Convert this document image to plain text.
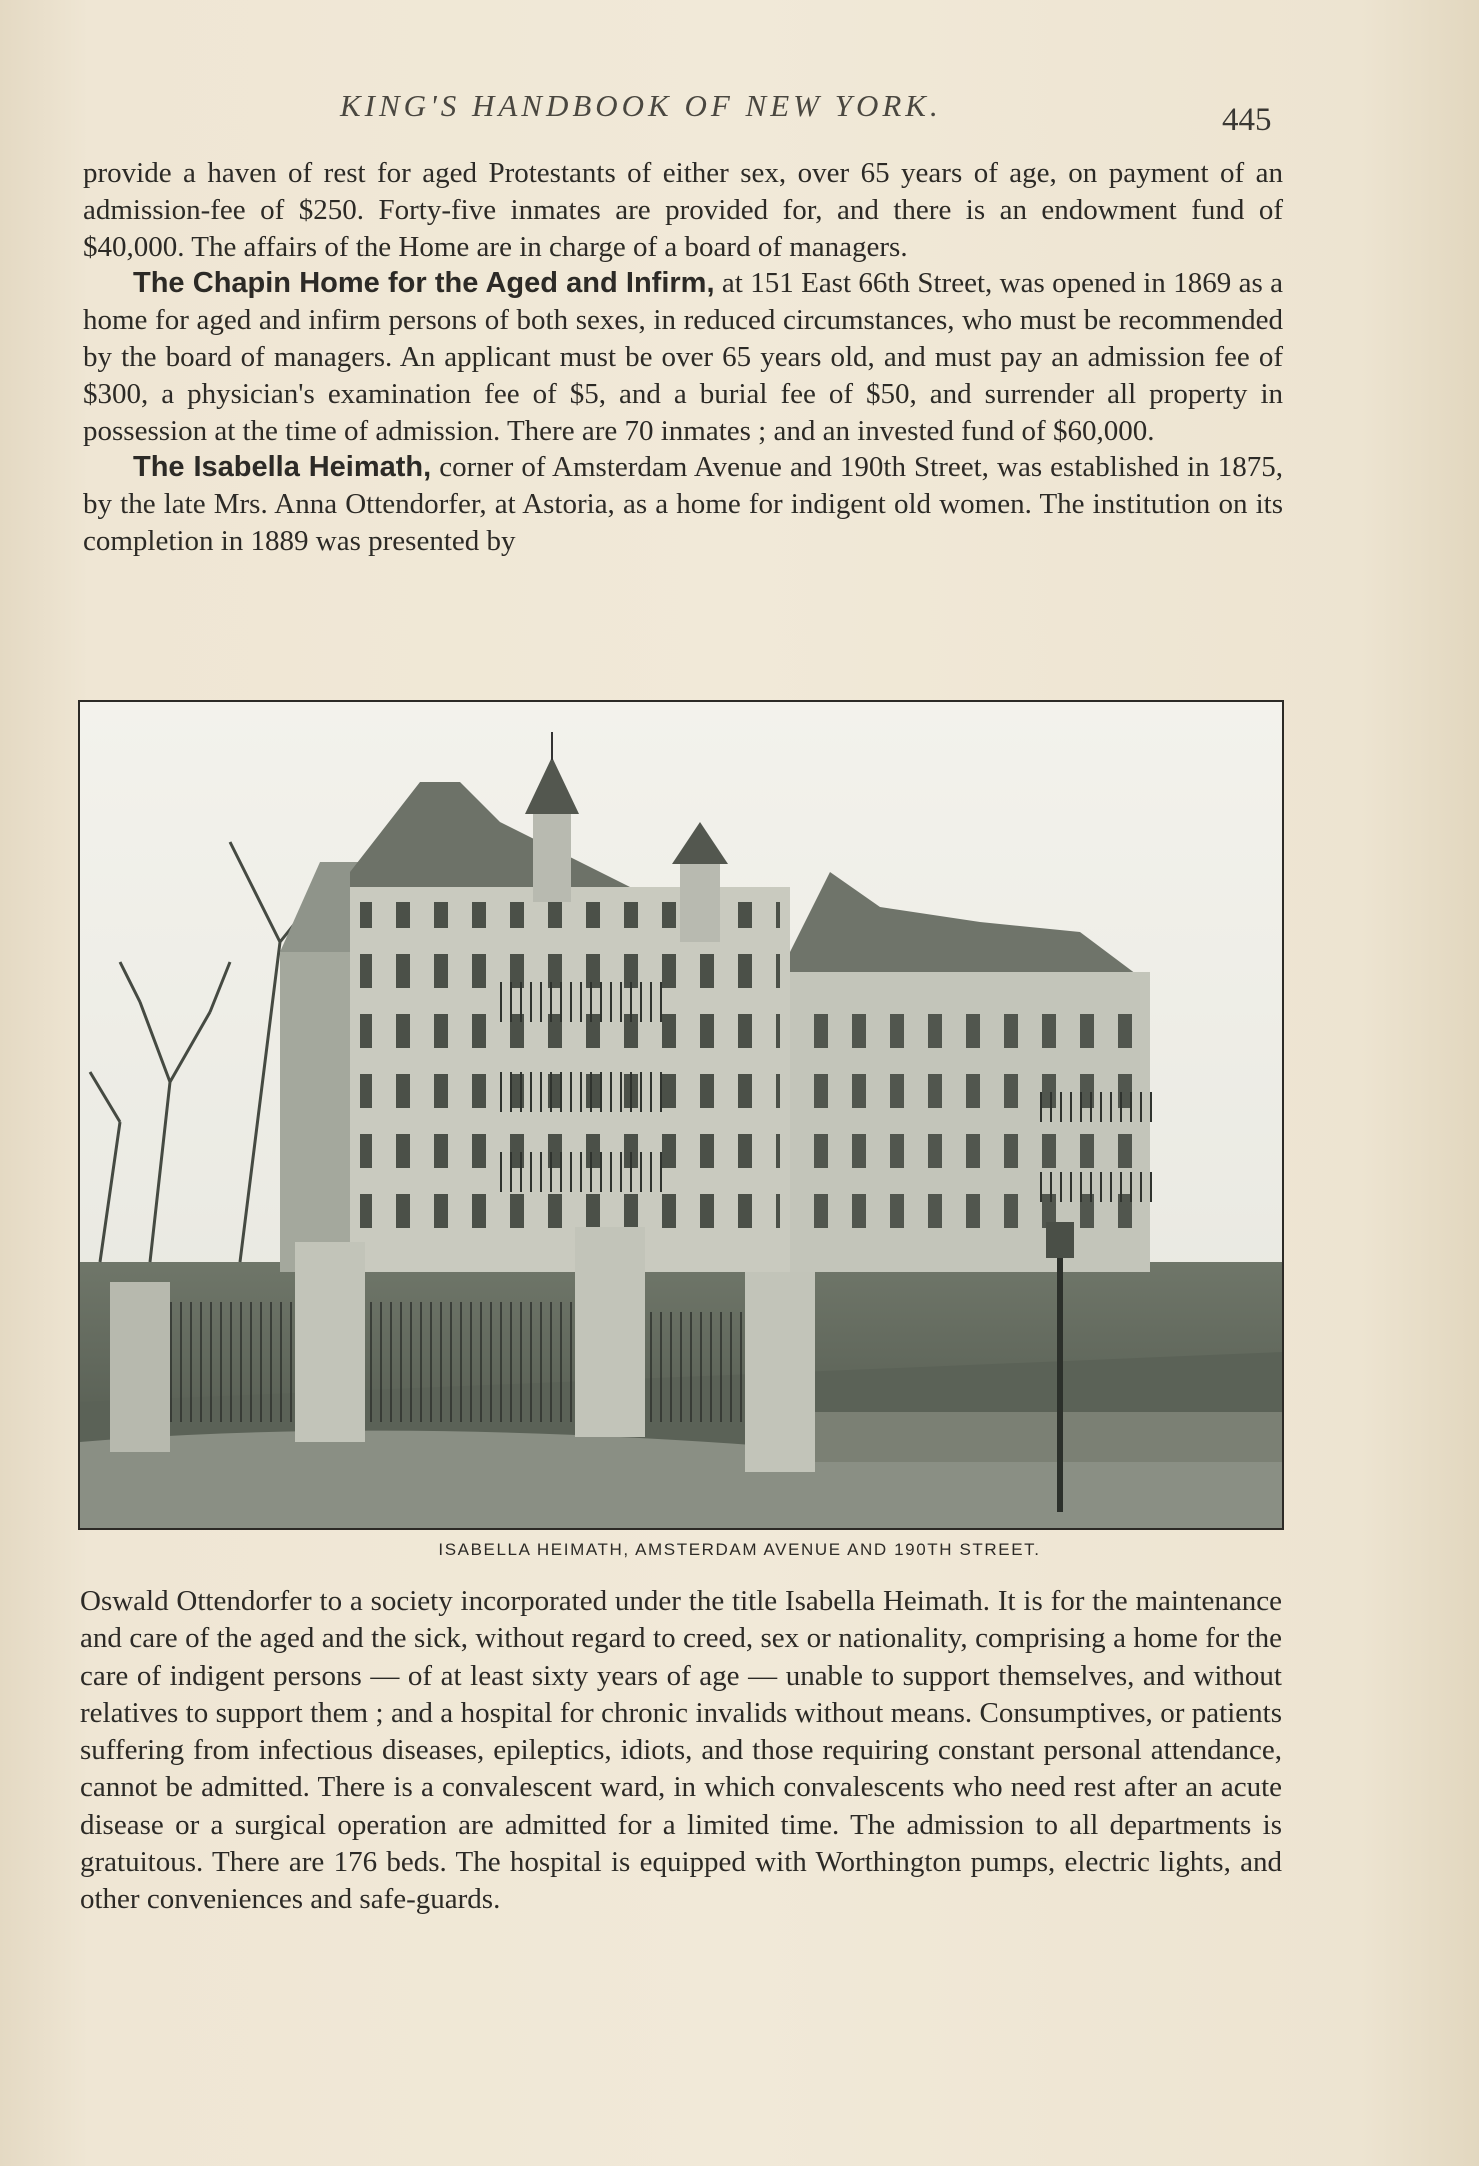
KING'S HANDBOOK OF NEW YORK.	445

provide a haven of rest for aged Protestants of either sex, over 65 years of age, on payment of an admission-fee of $250. Forty-five inmates are provided for, and there is an endowment fund of $40,000. The affairs of the Home are in charge of a board of managers.

The Chapin Home for the Aged and Infirm, at 151 East 66th Street, was opened in 1869 as a home for aged and infirm persons of both sexes, in reduced circumstances, who must be recommended by the board of managers. An applicant must be over 65 years old, and must pay an admission fee of $300, a physician's examination fee of $5, and a burial fee of $50, and surrender all property in possession at the time of admission. There are 70 inmates ; and an invested fund of $60,000.

The Isabella Heimath, corner of Amsterdam Avenue and 190th Street, was established in 1875, by the late Mrs. Anna Ottendorfer, at Astoria, as a home for indigent old women. The institution on its completion in 1889 was presented by

ISABELLA HEIMATH, AMSTERDAM AVENUE AND 190TH STREET.

Oswald Ottendorfer to a society incorporated under the title Isabella Heimath. It is for the maintenance and care of the aged and the sick, without regard to creed, sex or nationality, comprising a home for the care of indigent persons — of at least sixty years of age — unable to support themselves, and without relatives to support them ; and a hospital for chronic invalids without means. Consumptives, or patients suffering from infectious diseases, epileptics, idiots, and those requiring constant personal attendance, cannot be admitted. There is a convalescent ward, in which convalescents who need rest after an acute disease or a surgical operation are admitted for a limited time. The admission to all departments is gratuitous. There are 176 beds. The hospital is equipped with Worthington pumps, electric lights, and other conveniences and safe-guards.
